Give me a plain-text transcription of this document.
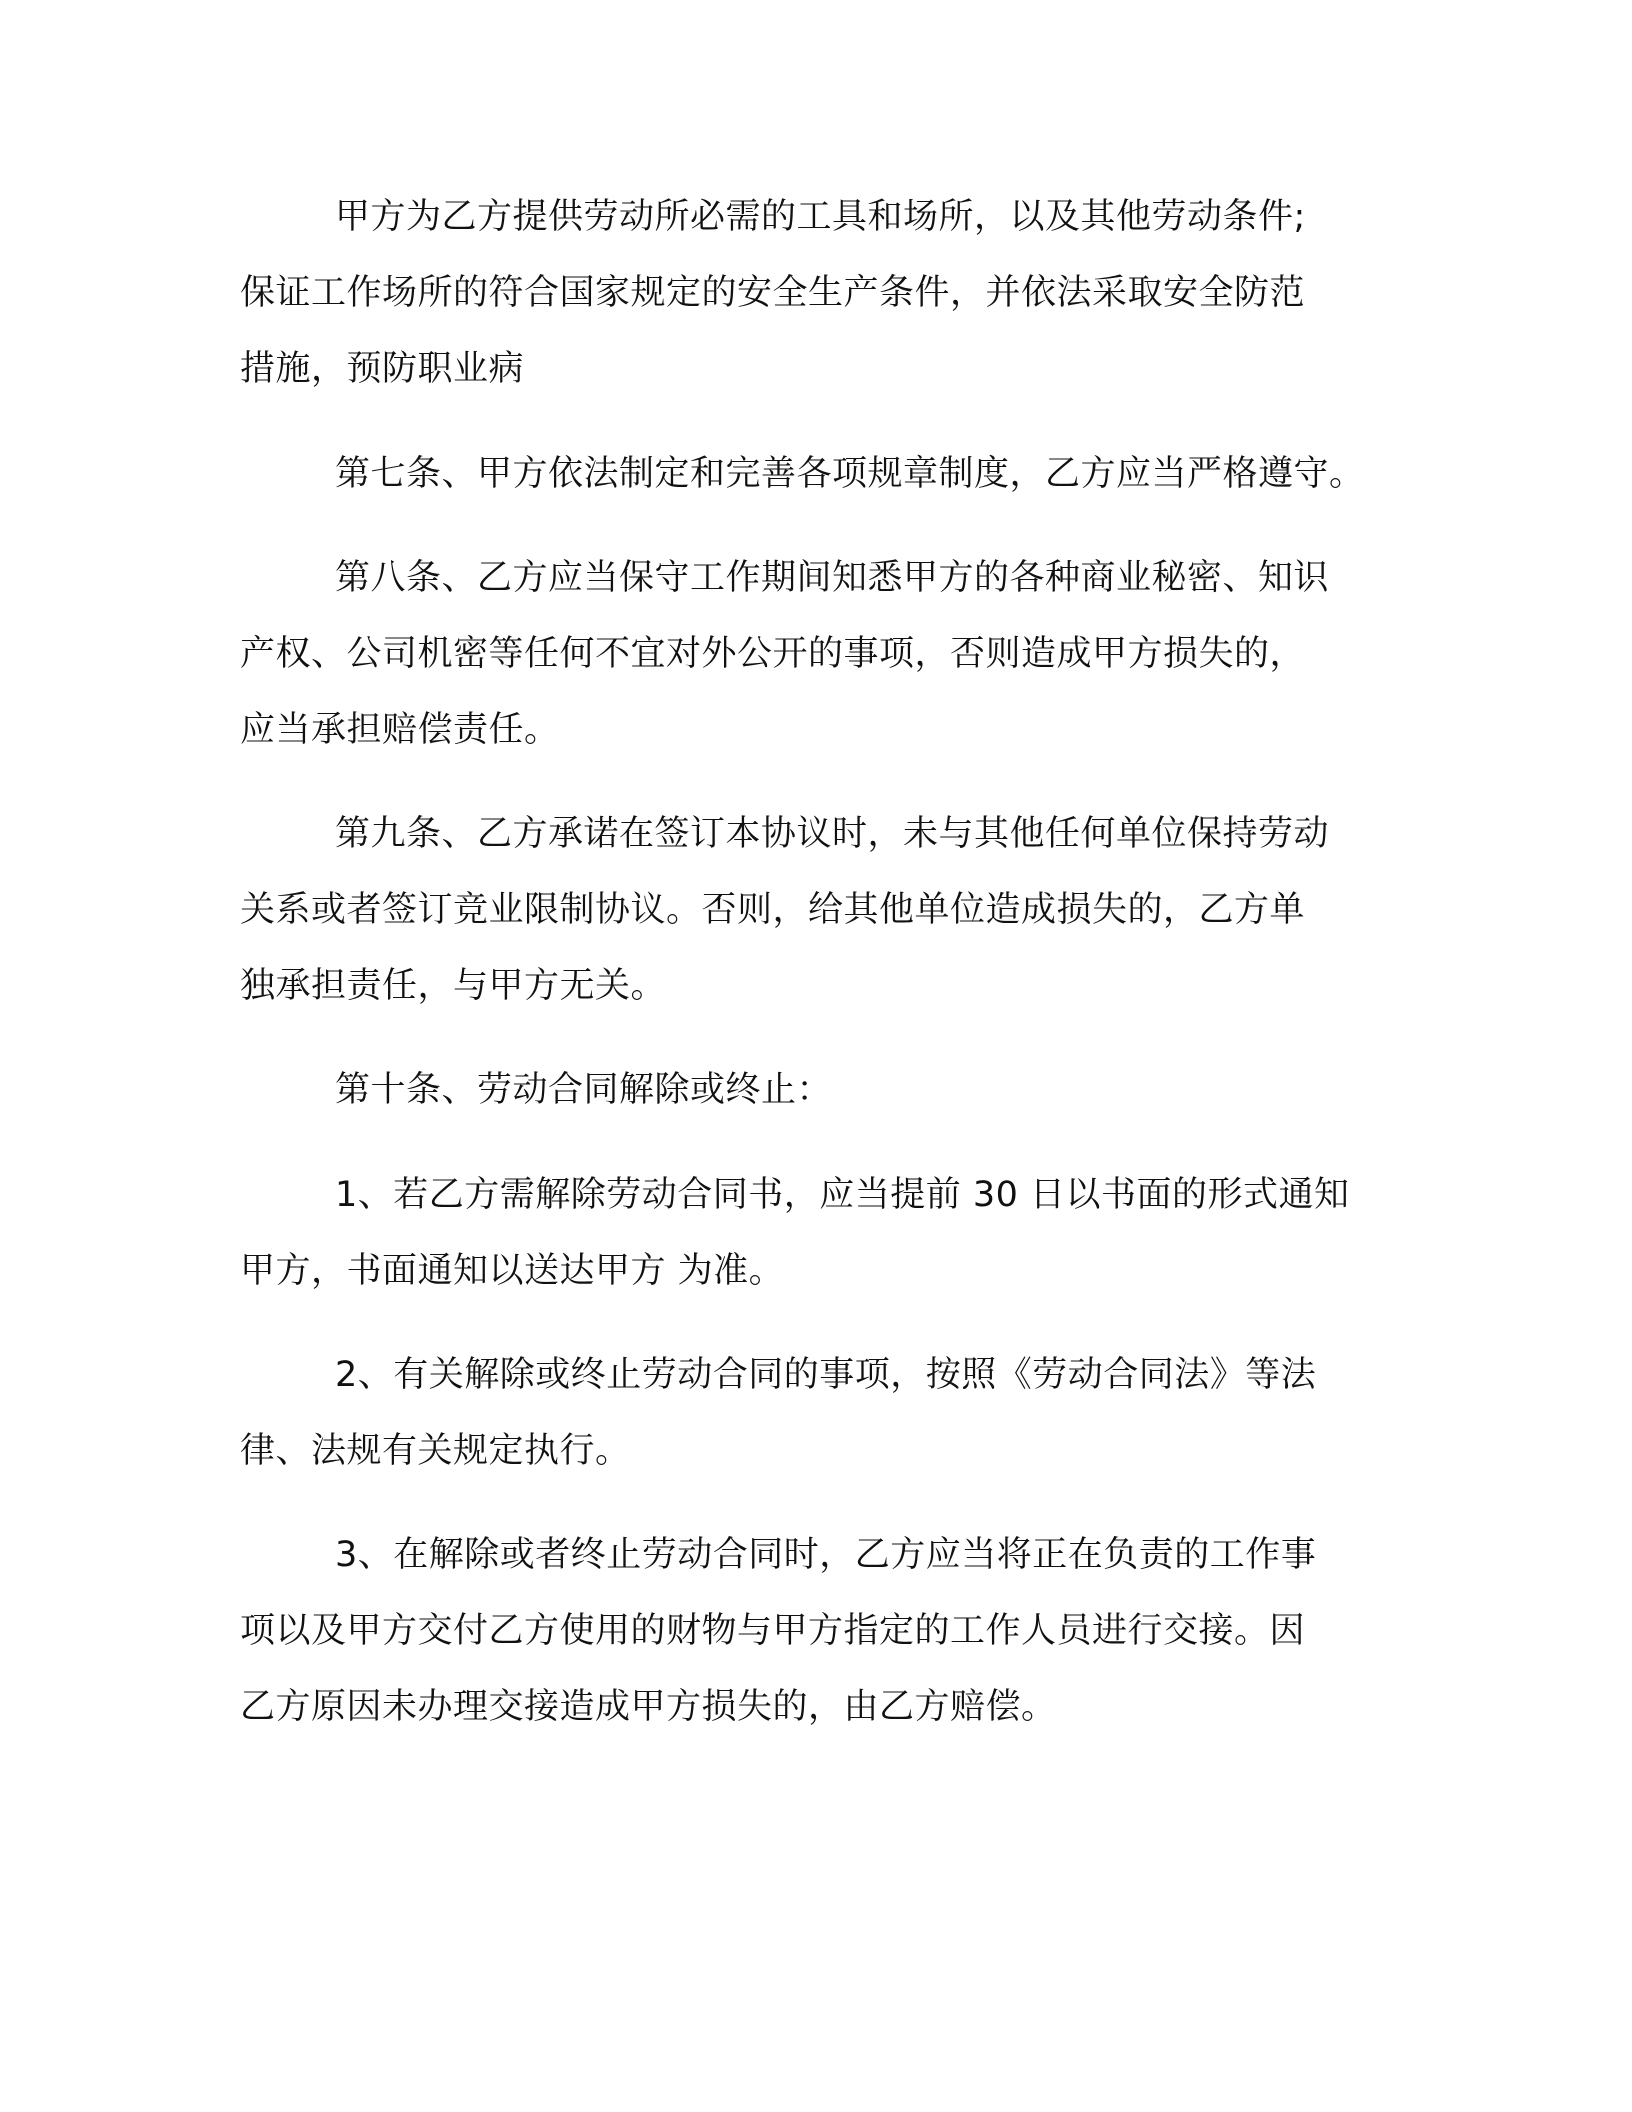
甲方为乙方提供劳动所必需的工具和场所，以及其他劳动条件;

保证工作场所的符合国家规定的安全生产条件，并依法采取安全防范

措施，预防职业病

第七条、甲方依法制定和完善各项规章制度，乙方应当严格遵守。

第八条、乙方应当保守工作期间知悉甲方的各种商业秘密、知识

产权、公司机密等任何不宜对外公开的事项，否则造成甲方损失的，

应当承担赔偿责任。

第九条、乙方承诺在签订本协议时，未与其他任何单位保持劳动

关系或者签订竞业限制协议。否则，给其他单位造成损失的，乙方单

独承担责任，与甲方无关。

第十条、劳动合同解除或终止：

1、若乙方需解除劳动合同书，应当提前 30 日以书面的形式通知

甲方，书面通知以送达甲方 为准。

2、有关解除或终止劳动合同的事项，按照《劳动合同法》等法

律、法规有关规定执行。

3、在解除或者终止劳动合同时，乙方应当将正在负责的工作事

项以及甲方交付乙方使用的财物与甲方指定的工作人员进行交接。因

乙方原因未办理交接造成甲方损失的，由乙方赔偿。
